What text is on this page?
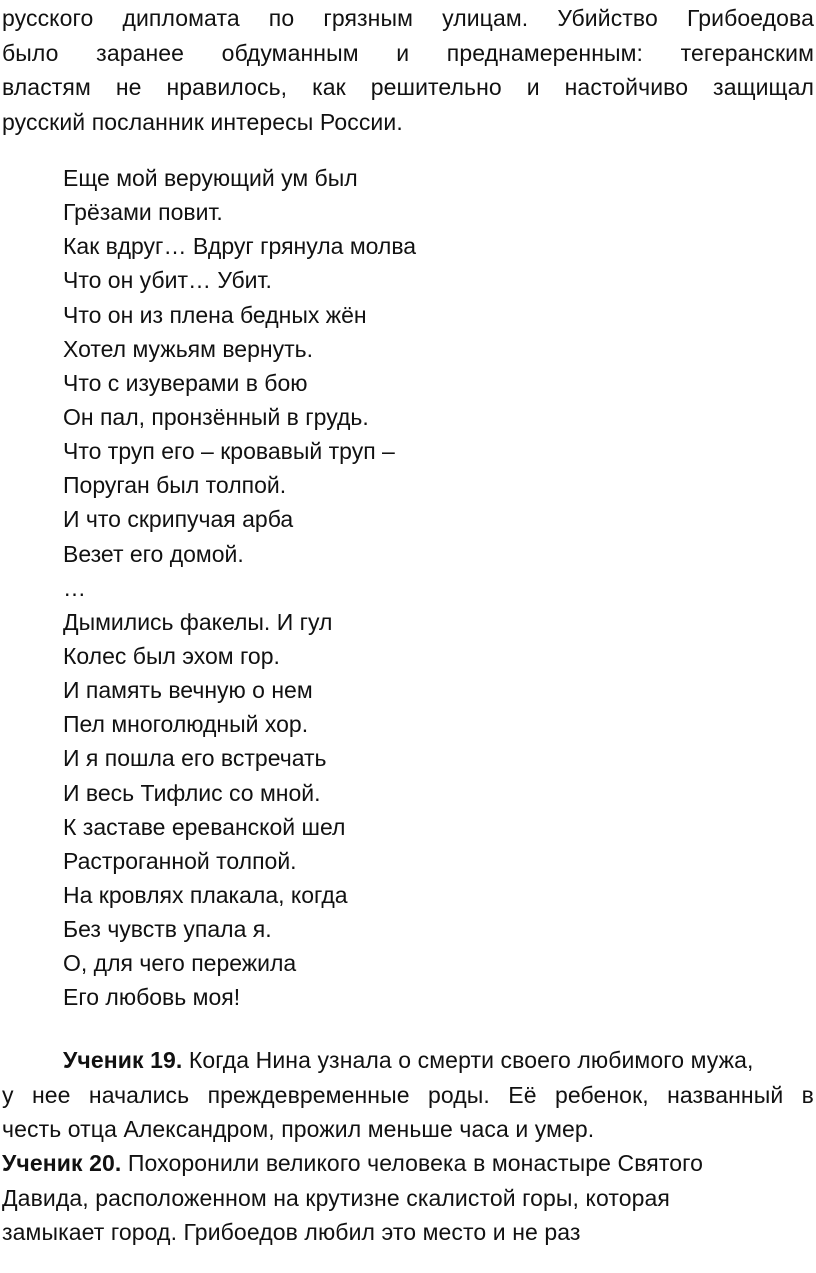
русского дипломата по грязным улицам. Убийство Грибоедова
было заранее обдуманным и преднамеренным: тегеранским
властям не нравилось, как решительно и настойчиво защищал
русский посланник интересы России.
Еще мой верующий ум был
Грёзами повит.
Как вдруг… Вдруг грянула молва
Что он убит… Убит.
Что он из плена бедных жён
Хотел мужьям вернуть.
Что с изуверами в бою
Он пал, пронзённый в грудь.
Что труп его – кровавый труп –
Поруган был толпой.
И что скрипучая арба
Везет его домой.
…
Дымились факелы. И гул
Колес был эхом гор.
И память вечную о нем
Пел многолюдный хор.
И я пошла его встречать
И весь Тифлис со мной.
К заставе ереванской шел
Растроганной толпой.
На кровлях плакала, когда
Без чувств упала я.
О, для чего пережила
Его любовь моя!
Ученик 19. Когда Нина узнала о смерти своего любимого мужа,
у нее начались преждевременные роды. Её ребенок, названный в
честь отца Александром, прожил меньше часа и умер.
Ученик 20. Похоронили великого человека в монастыре Святого
Давида, расположенном на крутизне скалистой горы, которая
замыкает город. Грибоедов любил это место и не раз
